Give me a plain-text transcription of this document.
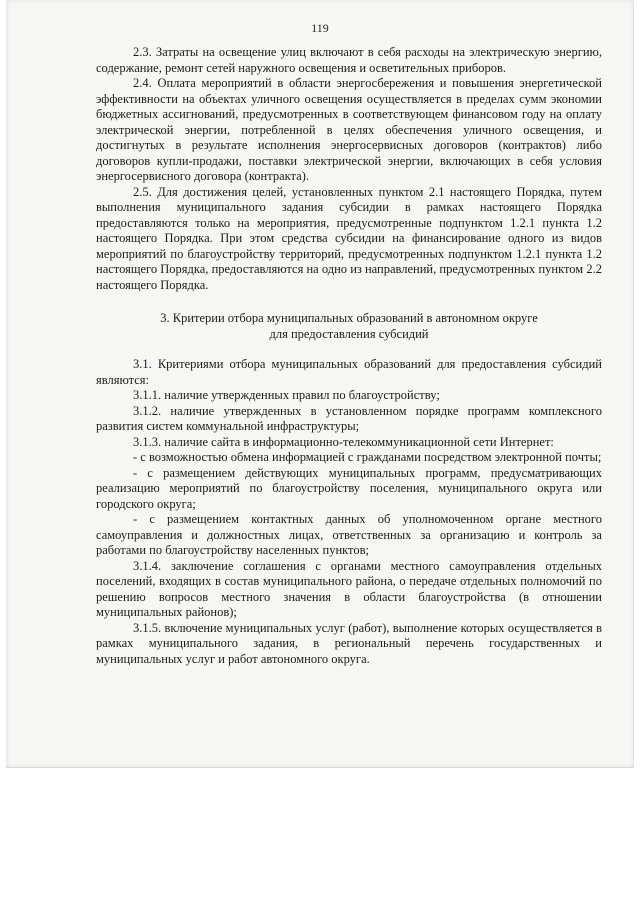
119

2.3. Затраты на освещение улиц включают в себя расходы на электрическую энергию, содержание, ремонт сетей наружного освещения и осветительных приборов.

2.4. Оплата мероприятий в области энергосбережения и повышения энергетической эффективности на объектах уличного освещения осуществляется в пределах сумм экономии бюджетных ассигнований, предусмотренных в соответствующем финансовом году на оплату электрической энергии, потребленной в целях обеспечения уличного освещения, и достигнутых в результате исполнения энергосервисных договоров (контрактов) либо договоров купли-продажи, поставки электрической энергии, включающих в себя условия энергосервисного договора (контракта).

2.5. Для достижения целей, установленных пунктом 2.1 настоящего Порядка, путем выполнения муниципального задания субсидии в рамках настоящего Порядка предоставляются только на мероприятия, предусмотренные подпунктом 1.2.1 пункта 1.2 настоящего Порядка. При этом средства субсидии на финансирование одного из видов мероприятий по благоустройству территорий, предусмотренных подпунктом 1.2.1 пункта 1.2 настоящего Порядка, предоставляются на одно из направлений, предусмотренных пунктом 2.2 настоящего Порядка.

3. Критерии отбора муниципальных образований в автономном округе
для предоставления субсидий

3.1. Критериями отбора муниципальных образований для предоставления субсидий являются:

3.1.1. наличие утвержденных правил по благоустройству;

3.1.2. наличие утвержденных в установленном порядке программ комплексного развития систем коммунальной инфраструктуры;

3.1.3. наличие сайта в информационно-телекоммуникационной сети Интернет:

- с возможностью обмена информацией с гражданами посредством электронной почты;

- с размещением действующих муниципальных программ, предусматривающих реализацию мероприятий по благоустройству поселения, муниципального округа или городского округа;

- с размещением контактных данных об уполномоченном органе местного самоуправления и должностных лицах, ответственных за организацию и контроль за работами по благоустройству населенных пунктов;

3.1.4. заключение соглашения с органами местного самоуправления отдельных поселений, входящих в состав муниципального района, о передаче отдельных полномочий по решению вопросов местного значения в области благоустройства (в отношении муниципальных районов);

3.1.5. включение муниципальных услуг (работ), выполнение которых осуществляется в рамках муниципального задания, в региональный перечень государственных и муниципальных услуг и работ автономного округа.
